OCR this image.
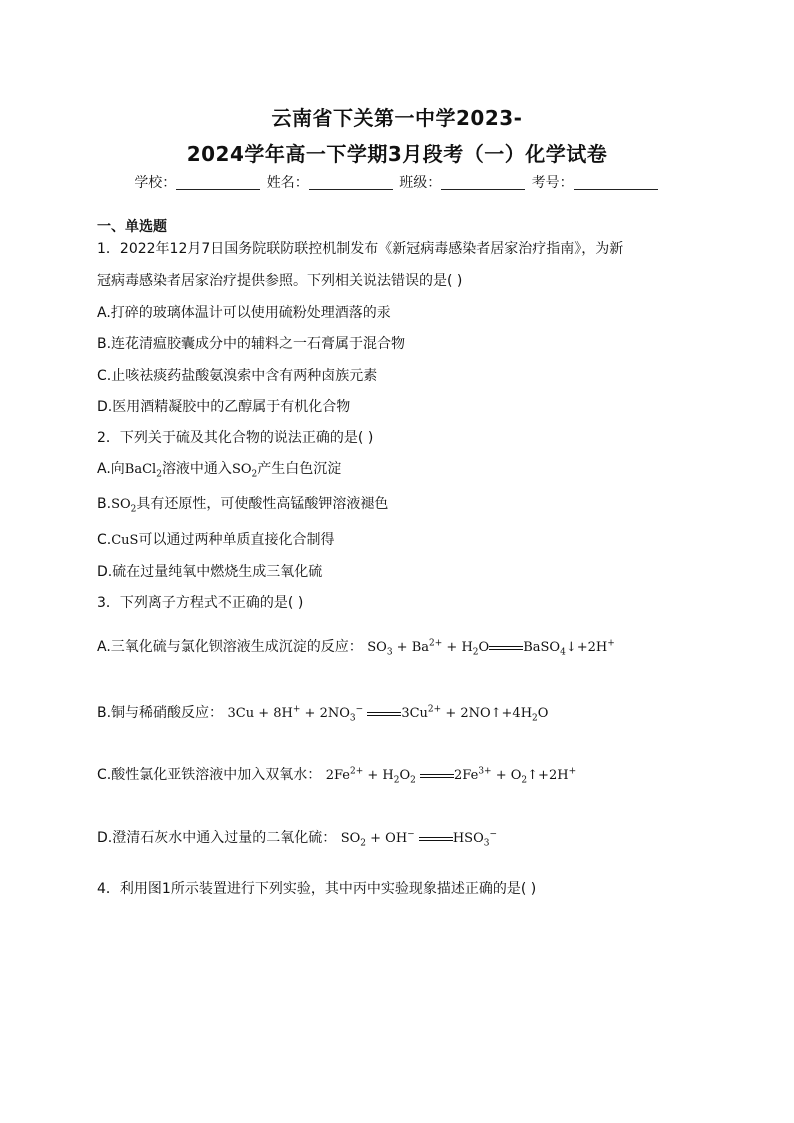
云南省下关第一中学2023-
2024学年高一下学期3月段考（一）化学试卷
学校：	姓名：	班级：	考号：
一、单选题
1．2022年12月7日国务院联防联控机制发布《新冠病毒感染者居家治疗指南》，为新
冠病毒感染者居家治疗提供参照。下列相关说法错误的是( )
A.打碎的玻璃体温计可以使用硫粉处理酒落的汞
B.连花清瘟胶囊成分中的辅料之一石膏属于混合物
C.止咳祛痰药盐酸氨溴索中含有两种卤族元素
D.医用酒精凝胶中的乙醇属于有机化合物
2．下列关于硫及其化合物的说法正确的是( )
A.向BaCl$_2$溶液中通入$SO_2$产生白色沉淀
$B.SO_2$具有还原性，可使酸性高锰酸钾溶液褪色
C.CuS可以通过两种单质直接化合制得
D.硫在过量纯氧中燃烧生成三氧化硫
3．下列离子方程式不正确的是( )
A.三氧化硫与氯化钡溶液生成沉淀的反应： $SO_3 + Ba^{2+} + H_2O$	BaSO$_4$↓+2H+
B.铜与稀硝酸反应： $3Cu + 8H^+ + 2NO_3^-$	$3Cu^{2+}$ + $2NO↑+4H_2O$
C.酸性氯化亚铁溶液中加入双氧水： $2Fe^{2+} + H_2O_2$	$2Fe^{3+}$ + $O_2↑+2H^+$
D.澄清石灰水中通入过量的二氧化硫： $SO_2 + OH^-$	$HSO_3^-$
4．利用图1所示装置进行下列实验，其中丙中实验现象描述正确的是( )
